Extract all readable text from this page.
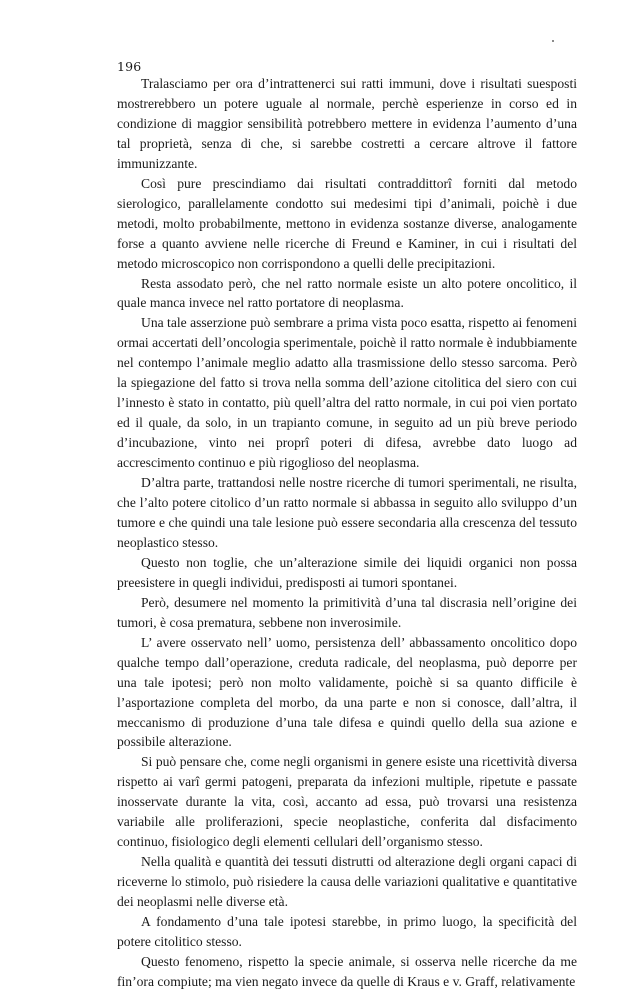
196

Tralasciamo per ora d’intrattenerci sui ratti immuni, dove i risultati suesposti mostrerebbero un potere uguale al normale, perchè esperienze in corso ed in condizione di maggior sensibilità potrebbero mettere in evidenza l’aumento d’una tal proprietà, senza di che, si sarebbe costretti a cercare altrove il fattore immunizzante.

Così pure prescindiamo dai risultati contraddittorî forniti dal metodo sierologico, parallelamente condotto sui medesimi tipi d’animali, poichè i due metodi, molto probabilmente, mettono in evidenza sostanze diverse, analogamente forse a quanto avviene nelle ricerche di Freund e Kaminer, in cui i risultati del metodo microscopico non corrispondono a quelli delle precipitazioni.

Resta assodato però, che nel ratto normale esiste un alto potere oncolitico, il quale manca invece nel ratto portatore di neoplasma.

Una tale asserzione può sembrare a prima vista poco esatta, rispetto ai fenomeni ormai accertati dell’oncologia sperimentale, poichè il ratto normale è indubbiamente nel contempo l’animale meglio adatto alla trasmissione dello stesso sarcoma. Però la spiegazione del fatto si trova nella somma dell’azione citolitica del siero con cui l’innesto è stato in contatto, più quell’altra del ratto normale, in cui poi vien portato ed il quale, da solo, in un trapianto comune, in seguito ad un più breve periodo d’incubazione, vinto nei proprî poteri di difesa, avrebbe dato luogo ad accrescimento continuo e più rigoglioso del neoplasma.

D’altra parte, trattandosi nelle nostre ricerche di tumori sperimentali, ne risulta, che l’alto potere citolico d’un ratto normale si abbassa in seguito allo sviluppo d’un tumore e che quindi una tale lesione può essere secondaria alla crescenza del tessuto neoplastico stesso.

Questo non toglie, che un’alterazione simile dei liquidi organici non possa preesistere in quegli individui, predisposti ai tumori spontanei.

Però, desumere nel momento la primitività d’una tal discrasia nell’origine dei tumori, è cosa prematura, sebbene non inverosimile.

L’ avere osservato nell’ uomo, persistenza dell’ abbassamento oncolitico dopo qualche tempo dall’operazione, creduta radicale, del neoplasma, può deporre per una tale ipotesi; però non molto validamente, poichè si sa quanto difficile è l’asportazione completa del morbo, da una parte e non si conosce, dall’altra, il meccanismo di produzione d’una tale difesa e quindi quello della sua azione e possibile alterazione.

Si può pensare che, come negli organismi in genere esiste una ricettività diversa rispetto ai varî germi patogeni, preparata da infezioni multiple, ripetute e passate inosservate durante la vita, così, accanto ad essa, può trovarsi una resistenza variabile alle proliferazioni, specie neoplastiche, conferita dal disfacimento continuo, fisiologico degli elementi cellulari dell’organismo stesso.

Nella qualità e quantità dei tessuti distrutti od alterazione degli organi capaci di riceverne lo stimolo, può risiedere la causa delle variazioni qualitative e quantitative dei neoplasmi nelle diverse età.

A fondamento d’una tale ipotesi starebbe, in primo luogo, la specificità del potere citolitico stesso.

Questo fenomeno, rispetto la specie animale, si osserva nelle ricerche da me fin’ora compiute; ma vien negato invece da quelle di Kraus e v. Graff, relativamente
